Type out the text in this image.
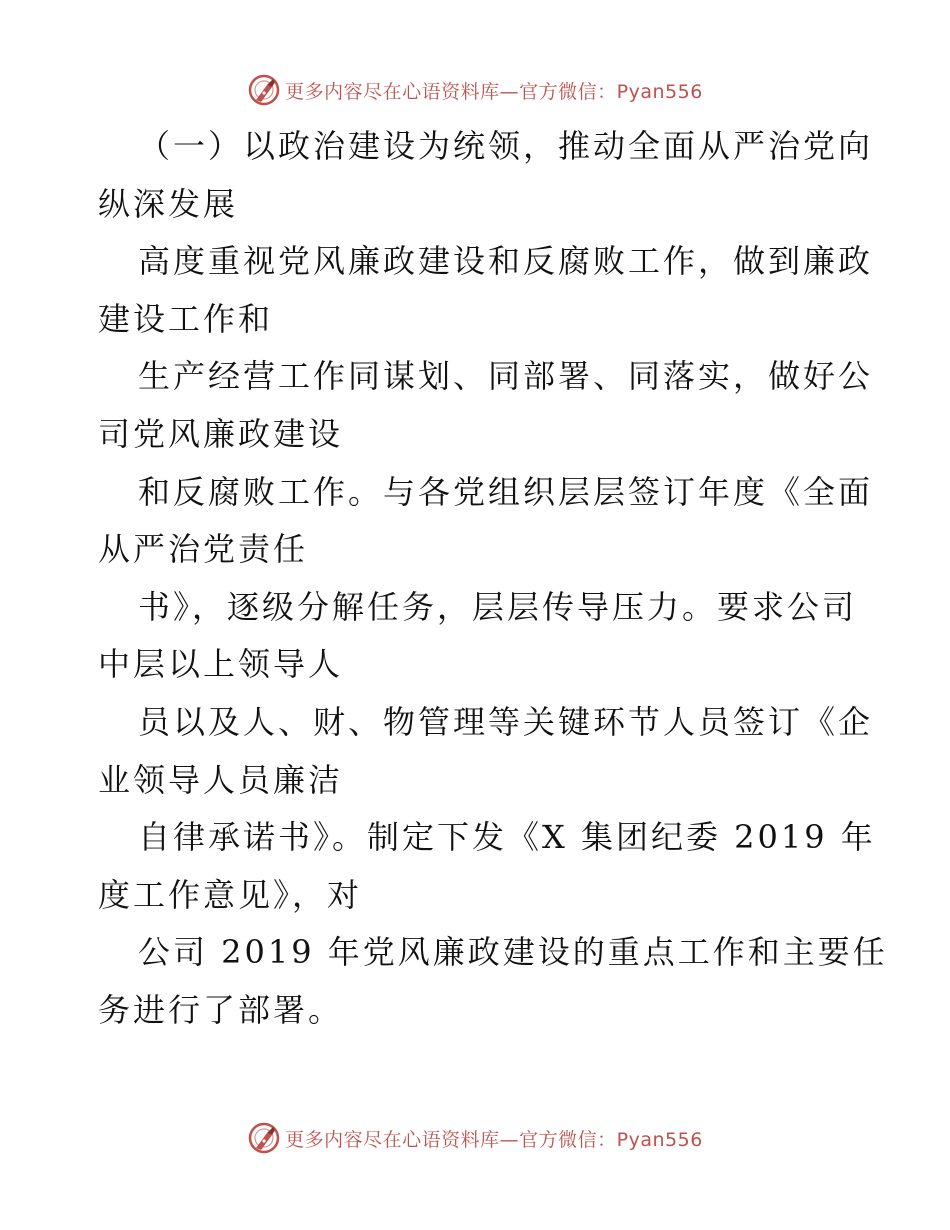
更多内容尽在心语资料库—官方微信：Pyan556
（一）以政治建设为统领，推动全面从严治党向
纵深发展
高度重视党风廉政建设和反腐败工作，做到廉政
建设工作和
生产经营工作同谋划、同部署、同落实，做好公
司党风廉政建设
和反腐败工作。与各党组织层层签订年度《全面
从严治党责任
书》，逐级分解任务，层层传导压力。要求公司
中层以上领导人
员以及人、财、物管理等关键环节人员签订《企
业领导人员廉洁
自律承诺书》。制定下发《X 集团纪委 2019 年
度工作意见》，对
公司 2019 年党风廉政建设的重点工作和主要任
务进行了部署。
更多内容尽在心语资料库—官方微信：Pyan556
